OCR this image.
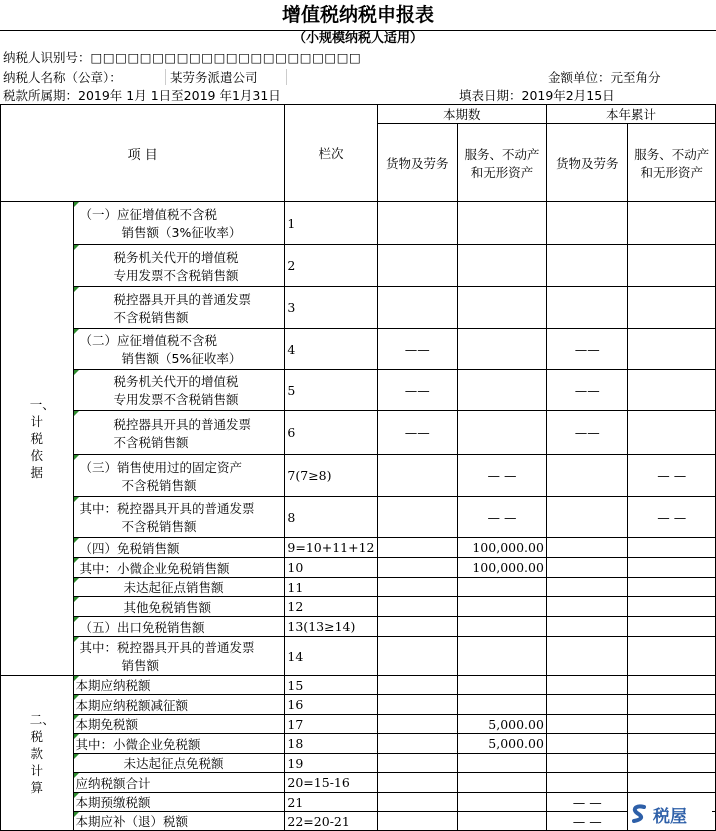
增值税纳税申报表
（小规模纳税人适用）
纳税人识别号：□□□□□□□□□□□□□□□□□□□□□□
纳税人名称（公章）：	某劳务派遣公司	金额单位：元至角分
税款所属期：2019年 1月 1日至2019 年1月31日	填表日期：2019年2月15日
项 目		栏次	本期数		本年累计	
			货物及劳务	服务、不动产和无形资产	货物及劳务	服务、不动产和无形资产
一、计税依据	（一）应征增值税不含税
销售额（3%征收率）	1				
	税务机关代开的增值税
专用发票不含税销售额	2				
	税控器具开具的普通发票
不含税销售额	3				
	（二）应征增值税不含税
销售额（5%征收率）	4	——		——	
	税务机关代开的增值税
专用发票不含税销售额	5	——		——	
	税控器具开具的普通发票
不含税销售额	6	——		——	
	（三）销售使用过的固定资产
不含税销售额	7(7≥8)		— —		— —
	其中：税控器具开具的普通发票
不含税销售额	8		— —		— —
	（四）免税销售额	9=10+11+12		100,000.00		
	其中：小微企业免税销售额	10		100,000.00		
	未达起征点销售额	11				
	其他免税销售额	12				
	（五）出口免税销售额	13(13≥14)				
	其中：税控器具开具的普通发票
销售额	14				
二、税款计算	本期应纳税额	15				
	本期应纳税额减征额	16				
	本期免税额	17		5,000.00		
	其中：小微企业免税额	18		5,000.00		
	未达起征点免税额	19				
	应纳税额合计	20=15-16				
	本期预缴税额	21			— —	
	本期应补（退）税额	22=20-21			— —		税屋
